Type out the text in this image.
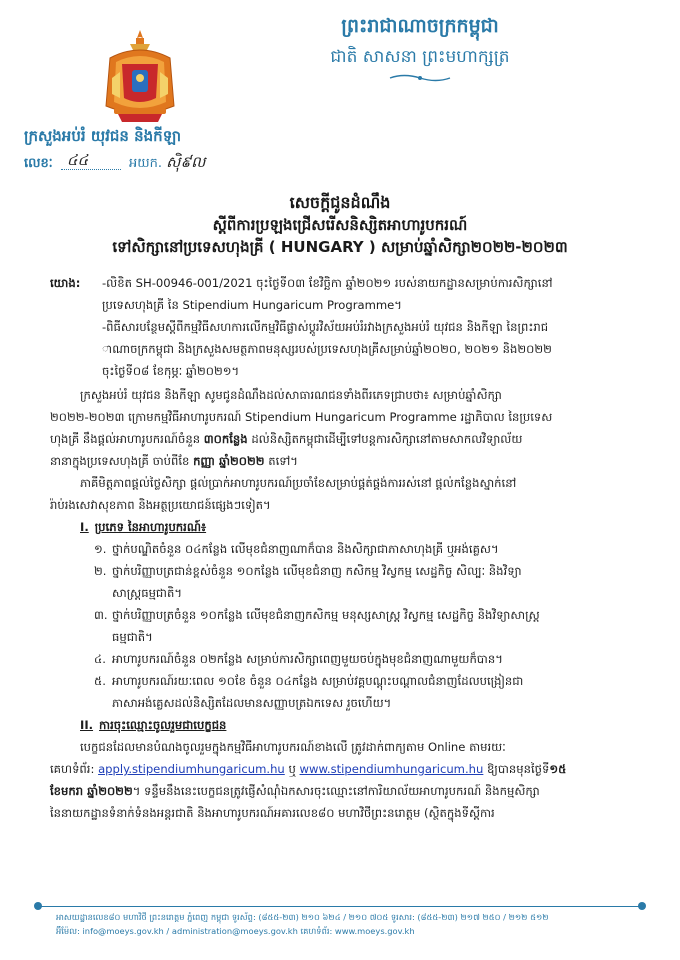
ព្រះរាជាណាចក្រកម្ពុជា
ជាតិ សាសនា ព្រះមហាក្សត្រ
ក្រសួងអប់រំ យុវជន និងកីឡា
លេខៈ ៤៤	អយក. ស៊ិ៩ល
សេចក្តីជូនដំណឹង
ស្តីពីការប្រឡងជ្រើសរើសនិស្សិតអាហារូបករណ៍
ទៅសិក្សានៅប្រទេសហុងគ្រី ( HUNGARY ) សម្រាប់ឆ្នាំសិក្សា២០២២-២០២៣
យោង:	-លិខិត SH-00946-001/2021 ចុះថ្ងៃទី០៣ ខែវិច្ឆិកា ឆ្នាំ២០២១ របស់នាយកដ្ឋានសម្រាប់ការសិក្សានៅ

ប្រទេសហុងគ្រី នៃ Stipendium Hungaricum Programme។

-ពិធីសារបន្ថែមស្តីពីកម្មវិធីសហការលើកម្មវិធីផ្លាស់ប្តូរវិស័យអប់រំរវាងក្រសួងអប់រំ យុវជន និងកីឡា នៃព្រះរាជ

ាណាចក្រកម្ពុជា និងក្រសួងសមត្ថភាពមនុស្សរបស់ប្រទេសហុងគ្រីសម្រាប់ឆ្នាំ២០២០, ២០២១ និង២០២២

ចុះថ្ងៃទី០៨ ខែកុម្ភៈ ឆ្នាំ២០២១។

ក្រសួងអប់រំ យុវជន និងកីឡា សូមជូនដំណឹងដល់សាធារណជនទាំងពីរភេទជ្រាបថា៖ សម្រាប់ឆ្នាំសិក្សា

២០២២-២០២៣ ក្រោមកម្មវិធីអាហារូបករណ៍ Stipendium Hungaricum Programme រដ្ឋាភិបាល នៃប្រទេស

ហុងគ្រី នឹងផ្តល់អាហារូបករណ៍ចំនួន ៣០កន្លែង ដល់និស្សិតកម្ពុជាដើម្បីទៅបន្តការសិក្សានៅតាមសាកលវិទ្យាល័យ

នានាក្នុងប្រទេសហុងគ្រី ចាប់ពីខែ កញ្ញា ឆ្នាំ២០២២ តទៅ។

ភាគីមិត្តភាពផ្តល់ថ្លៃសិក្សា ផ្តល់ប្រាក់អាហារូបករណ៍ប្រចាំខែសម្រាប់ផ្គត់ផ្គង់ការរស់នៅ ផ្តល់កន្លែងស្នាក់នៅ

រ៉ាប់រងសេវាសុខភាព និងអត្ថប្រយោជន៍ផ្សេងៗទៀត។

I. ប្រភេទ នៃអាហារូបករណ៍៖
១. ថ្នាក់បណ្ឌិតចំនួន ០៤កន្លែង លើមុខជំនាញណាក៏បាន និងសិក្សាជាភាសាហុងគ្រី ឬអង់គ្លេស។
២. ថ្នាក់បរិញ្ញាបត្រជាន់ខ្ពស់ចំនួន ១០កន្លែង លើមុខជំនាញ កសិកម្ម វិស្វកម្ម សេដ្ឋកិច្ច សិល្បៈ និងវិទ្យា
សាស្រ្តធម្មជាតិ។
៣. ថ្នាក់បរិញ្ញាបត្រចំនួន ១០កន្លែង លើមុខជំនាញកសិកម្ម មនុស្សសាស្រ្ត វិស្វកម្ម សេដ្ឋកិច្ច និងវិទ្យាសាស្រ្ត
ធម្មជាតិ។
៤. អាហារូបករណ៍ចំនួន ០២កន្លែង សម្រាប់ការសិក្សាពេញមួយចប់ក្នុងមុខជំនាញណាមួយក៏បាន។
៥. អាហារូបករណ៍រយៈពេល ១០ខែ ចំនួន ០៤កន្លែង សម្រាប់វគ្គបណ្តុះបណ្តាលជំនាញដែលបង្រៀនជា
ភាសាអង់គ្លេសដល់និស្សិតដែលមានសញ្ញាបត្រឯកទេស រួចហើយ។
II. ការចុះឈ្មោះចូលរួមជាបេក្ខជន

បេក្ខជនដែលមានបំណងចូលរួមក្នុងកម្មវិធីអាហារូបករណ៍ខាងលើ ត្រូវដាក់ពាក្យតាម Online តាមរយៈ

គេហទំព័រ: apply.stipendiumhungaricum.hu ឬ www.stipendiumhungaricum.hu ឱ្យបានមុនថ្ងៃទី១៥

ខែមករា ឆ្នាំ២០២២។ ទន្ទឹមនឹងនេះបេក្ខជនត្រូវផ្ញើសំណុំឯកសារចុះឈ្មោះនៅការិយាល័យអាហារូបករណ៍ និងកម្មសិក្សា

នៃនាយកដ្ឋានទំនាក់ទំនងអន្តរជាតិ និងអាហារូបករណ៍អគារលេខ៨០ មហាវិថីព្រះនរោត្តម (ស្ថិតក្នុងទីស្តីការ

អាសយដ្ឋានលេខ៨០ មហាវិថី ព្រះនរោត្តម ភ្នំពេញ កម្ពុជា ទូរស័ព្ទ: (៨៥៥-២៣) ២១០ ៦២៤ / ២១០ ៧០៥ ទូរសារ: (៨៥៥-២៣) ២១៧ ២៥០ / ២១២ ៥១២
អ៊ីម៉ែល: info@moeys.gov.kh / administration@moeys.gov.kh គេហទំព័រ: www.moeys.gov.kh
